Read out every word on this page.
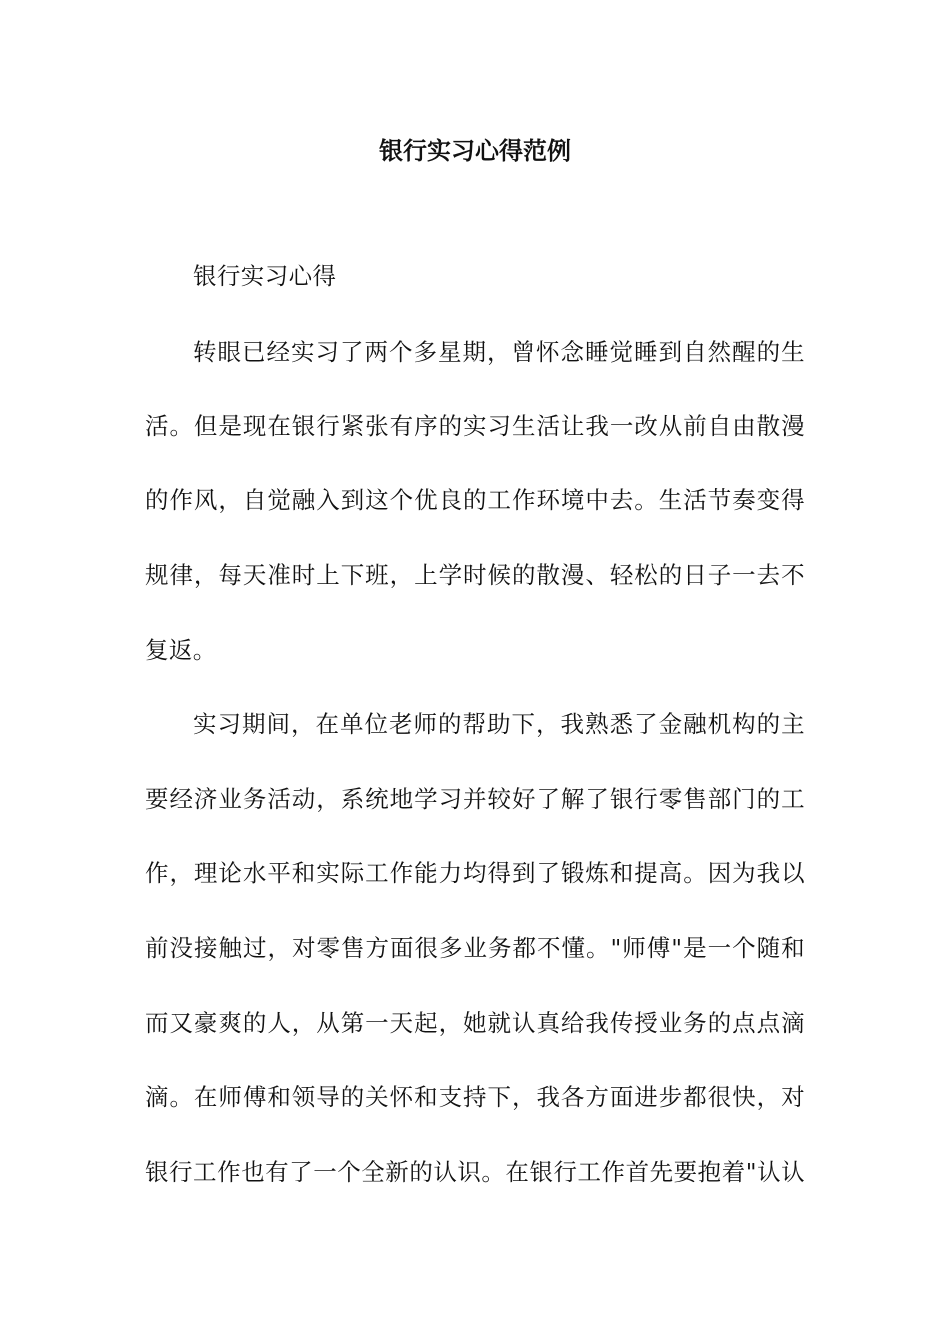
银行实习心得范例
银行实习心得
转眼已经实习了两个多星期，曾怀念睡觉睡到自然醒的生
活。但是现在银行紧张有序的实习生活让我一改从前自由散漫
的作风，自觉融入到这个优良的工作环境中去。生活节奏变得
规律，每天准时上下班，上学时候的散漫、轻松的日子一去不
复返。
实习期间，在单位老师的帮助下，我熟悉了金融机构的主
要经济业务活动，系统地学习并较好了解了银行零售部门的工
作，理论水平和实际工作能力均得到了锻炼和提高。因为我以
前没接触过，对零售方面很多业务都不懂。"师傅"是一个随和
而又豪爽的人，从第一天起，她就认真给我传授业务的点点滴
滴。在师傅和领导的关怀和支持下，我各方面进步都很快，对
银行工作也有了一个全新的认识。在银行工作首先要抱着"认认
